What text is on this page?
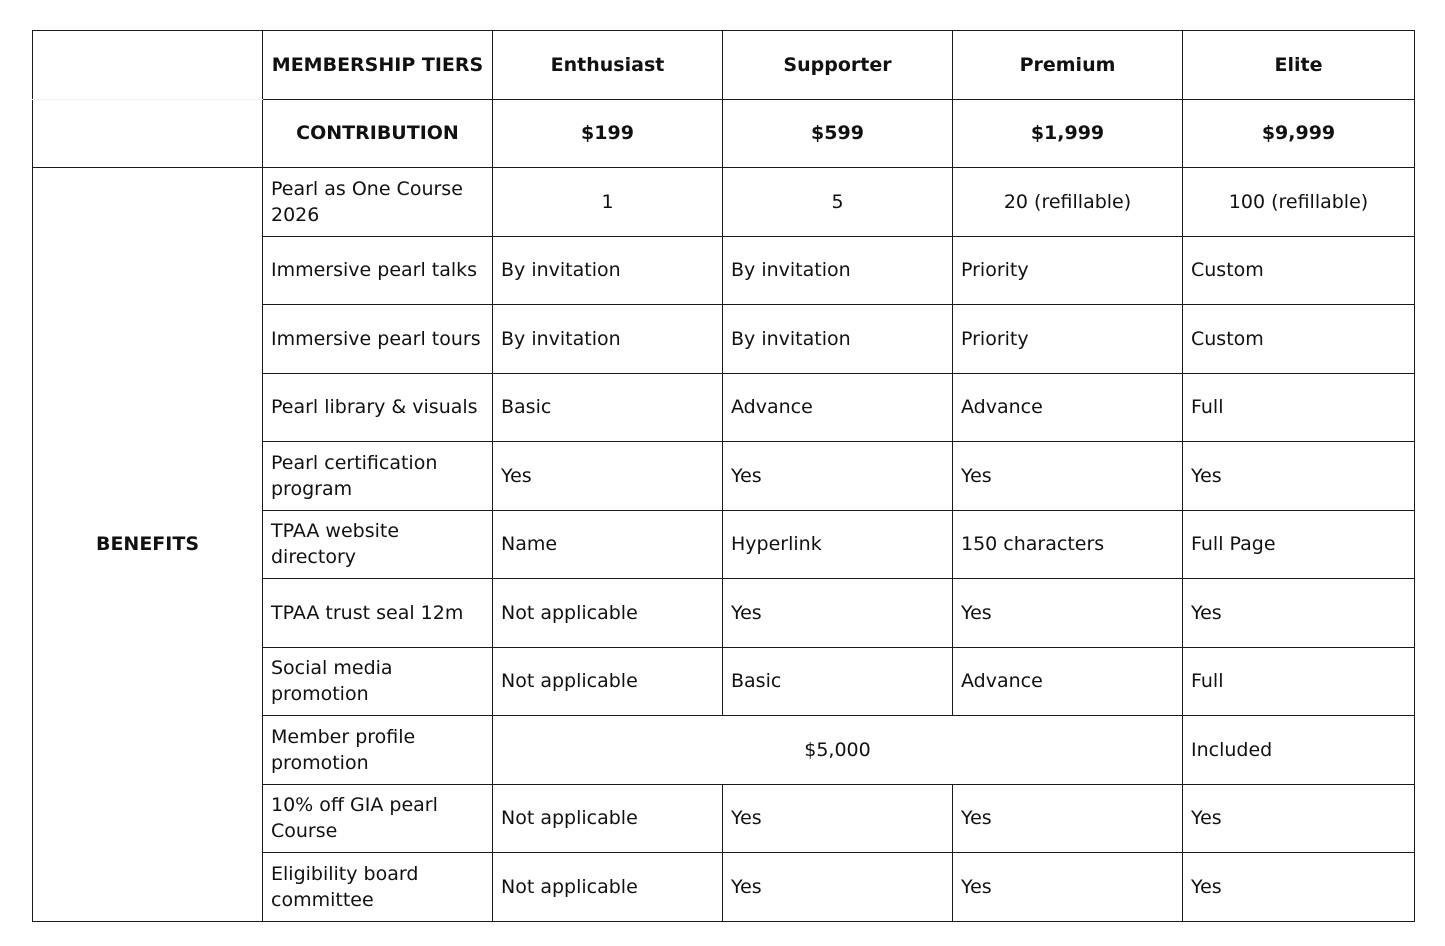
	MEMBERSHIP TIERS	Enthusiast	Supporter	Premium	Elite
	CONTRIBUTION	$199	$599	$1,999	$9,999
BENEFITS	Pearl as One Course 2026	1	5	20 (refillable)	100 (refillable)
	Immersive pearl talks	By invitation	By invitation	Priority	Custom
	Immersive pearl tours	By invitation	By invitation	Priority	Custom
	Pearl library & visuals	Basic	Advance	Advance	Full
	Pearl certification program	Yes	Yes	Yes	Yes
	TPAA website directory	Name	Hyperlink	150 characters	Full Page
	TPAA trust seal 12m	Not applicable	Yes	Yes	Yes
	Social media promotion	Not applicable	Basic	Advance	Full
	Member profile promotion	$5,000			Included
	10% off GIA pearl Course	Not applicable	Yes	Yes	Yes
	Eligibility board committee	Not applicable	Yes	Yes	Yes
